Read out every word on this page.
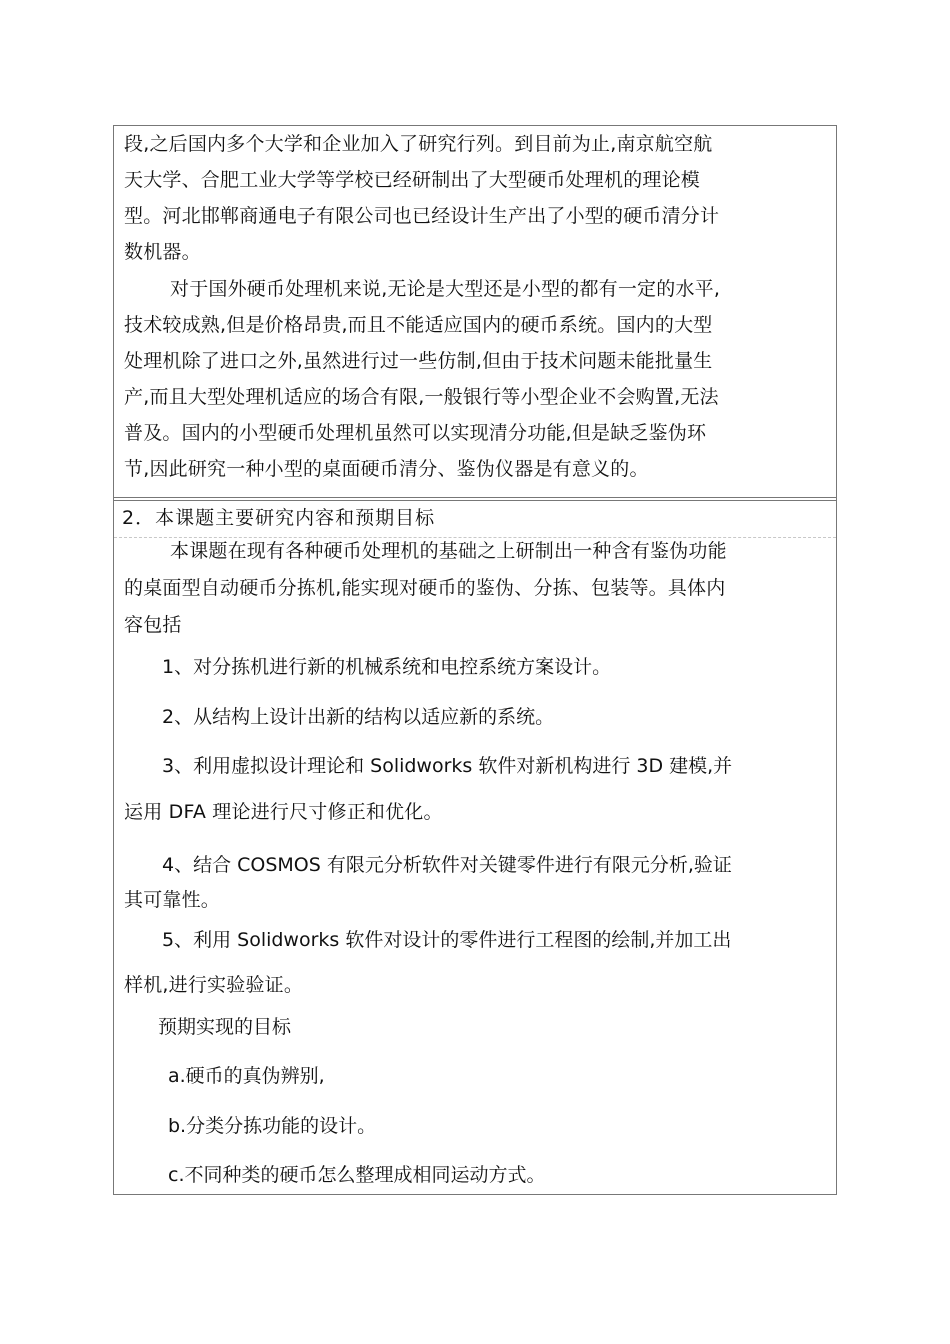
段,之后国内多个大学和企业加入了研究行列。到目前为止,南京航空航
天大学、合肥工业大学等学校已经研制出了大型硬币处理机的理论模
型。河北邯郸商通电子有限公司也已经设计生产出了小型的硬币清分计
数机器。
对于国外硬币处理机来说,无论是大型还是小型的都有一定的水平,
技术较成熟,但是价格昂贵,而且不能适应国内的硬币系统。国内的大型
处理机除了进口之外,虽然进行过一些仿制,但由于技术问题未能批量生
产,而且大型处理机适应的场合有限,一般银行等小型企业不会购置,无法
普及。国内的小型硬币处理机虽然可以实现清分功能,但是缺乏鉴伪环
节,因此研究一种小型的桌面硬币清分、鉴伪仪器是有意义的。
2．本课题主要研究内容和预期目标
本课题在现有各种硬币处理机的基础之上研制出一种含有鉴伪功能
的桌面型自动硬币分拣机,能实现对硬币的鉴伪、分拣、包装等。具体内
容包括
1、对分拣机进行新的机械系统和电控系统方案设计。
2、从结构上设计出新的结构以适应新的系统。
3、利用虚拟设计理论和 Solidworks 软件对新机构进行 3D 建模,并
运用 DFA 理论进行尺寸修正和优化。
4、结合 COSMOS 有限元分析软件对关键零件进行有限元分析,验证
其可靠性。
5、利用 Solidworks 软件对设计的零件进行工程图的绘制,并加工出
样机,进行实验验证。
预期实现的目标
a.硬币的真伪辨别,
b.分类分拣功能的设计。
c.不同种类的硬币怎么整理成相同运动方式。
